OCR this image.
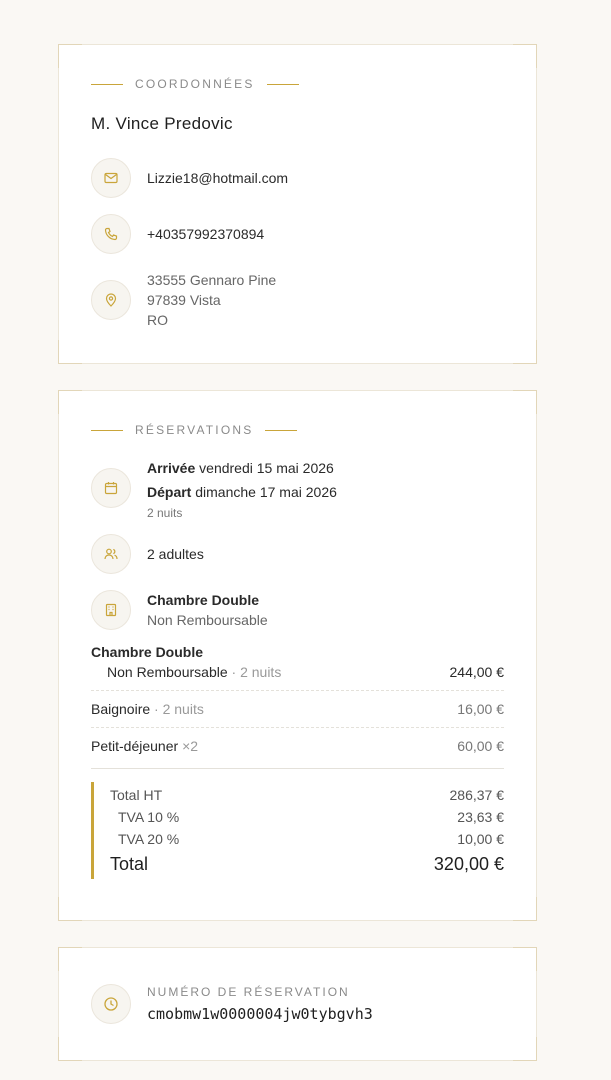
COORDONNÉES
M. Vince Predovic
Lizzie18@hotmail.com
+40357992370894
33555 Gennaro Pine
97839 Vista
RO
RÉSERVATIONS
Arrivée vendredi 15 mai 2026
Départ dimanche 17 mai 2026
2 nuits
2 adultes
Chambre Double
Non Remboursable
Chambre Double
Non Remboursable · 2 nuits	244,00 €
Baignoire · 2 nuits	16,00 €
Petit-déjeuner ×2	60,00 €
Total HT	286,37 €
TVA 10 %	23,63 €
TVA 20 %	10,00 €
Total	320,00 €
NUMÉRO DE RÉSERVATION
cmobmw1w0000004jw0tybgvh3
